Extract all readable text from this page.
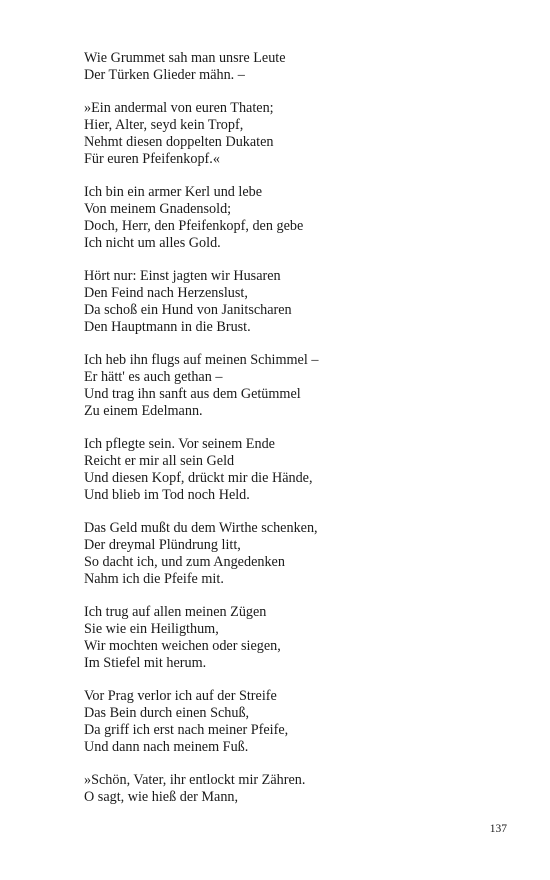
Wie Grummet sah man unsre Leute
Der Türken Glieder mähn. –
»Ein andermal von euren Thaten;
Hier, Alter, seyd kein Tropf,
Nehmt diesen doppelten Dukaten
Für euren Pfeifenkopf.«
Ich bin ein armer Kerl und lebe
Von meinem Gnadensold;
Doch, Herr, den Pfeifenkopf, den gebe
Ich nicht um alles Gold.
Hört nur: Einst jagten wir Husaren
Den Feind nach Herzenslust,
Da schoß ein Hund von Janitscharen
Den Hauptmann in die Brust.
Ich heb ihn flugs auf meinen Schimmel –
Er hätt' es auch gethan –
Und trag ihn sanft aus dem Getümmel
Zu einem Edelmann.
Ich pflegte sein. Vor seinem Ende
Reicht er mir all sein Geld
Und diesen Kopf, drückt mir die Hände,
Und blieb im Tod noch Held.
Das Geld mußt du dem Wirthe schenken,
Der dreymal Plündrung litt,
So dacht ich, und zum Angedenken
Nahm ich die Pfeife mit.
Ich trug auf allen meinen Zügen
Sie wie ein Heiligthum,
Wir mochten weichen oder siegen,
Im Stiefel mit herum.
Vor Prag verlor ich auf der Streife
Das Bein durch einen Schuß,
Da griff ich erst nach meiner Pfeife,
Und dann nach meinem Fuß.
»Schön, Vater, ihr entlockt mir Zähren.
O sagt, wie hieß der Mann,
137
